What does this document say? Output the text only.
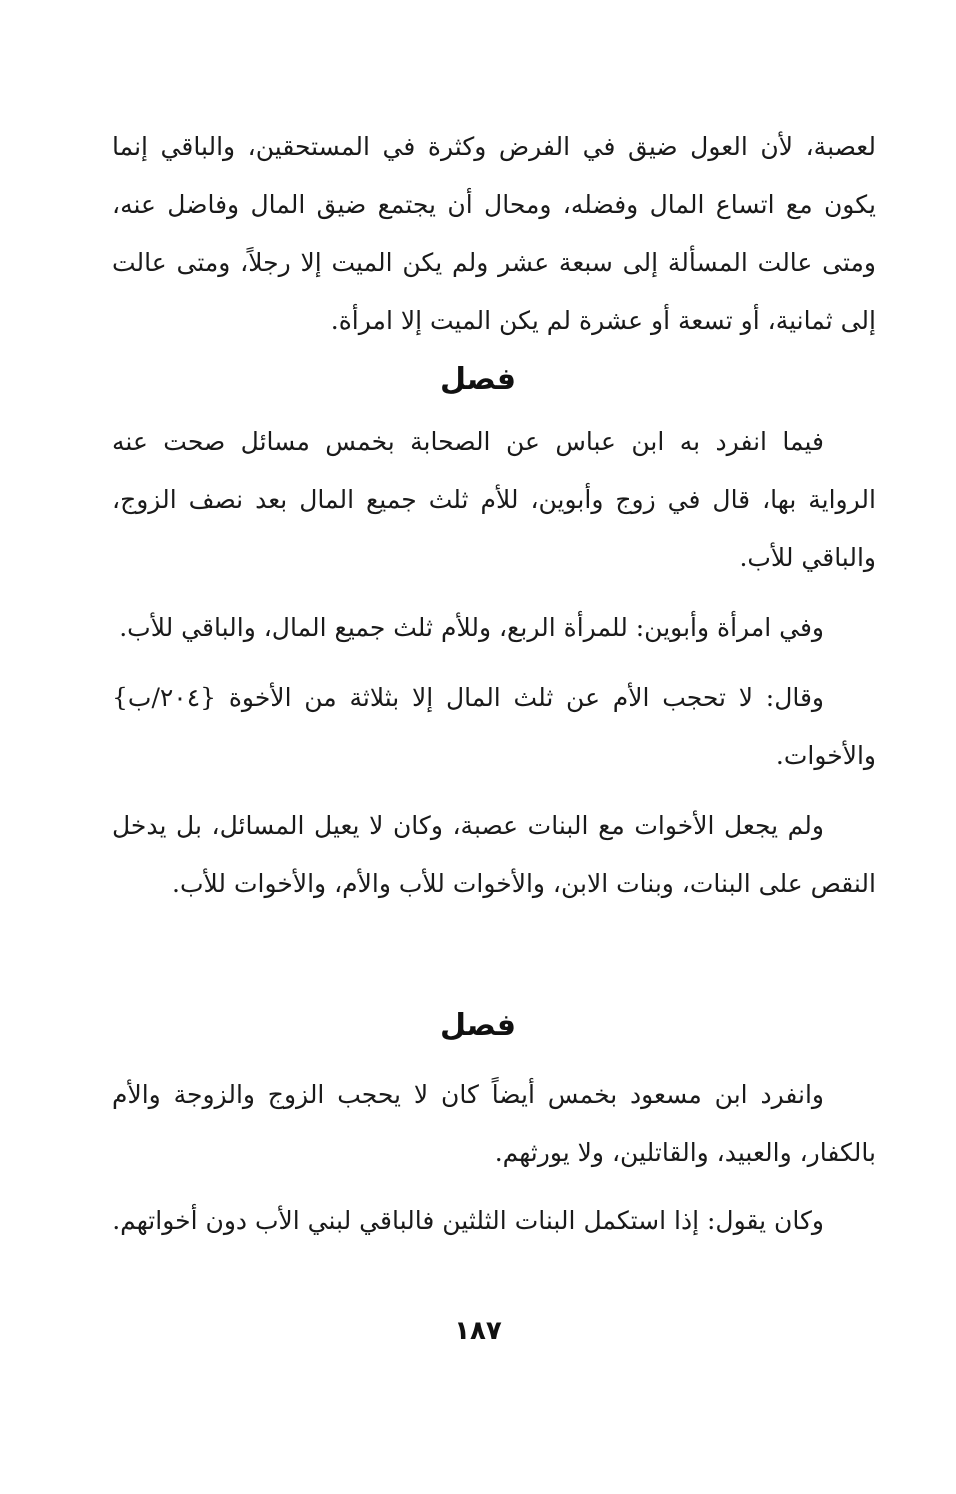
لعصبة، لأن العول ضيق في الفرض وكثرة في المستحقين، والباقي إنما يكون مع اتساع المال وفضله، ومحال أن يجتمع ضيق المال وفاضل عنه، ومتى عالت المسألة إلى سبعة عشر ولم يكن الميت إلا رجلاً، ومتى عالت إلى ثمانية، أو تسعة أو عشرة لم يكن الميت إلا امرأة.

فصل

فيما انفرد به ابن عباس عن الصحابة بخمس مسائل صحت عنه الرواية بها، قال في زوج وأبوين، للأم ثلث جميع المال بعد نصف الزوج، والباقي للأب.

وفي امرأة وأبوين: للمرأة الربع، وللأم ثلث جميع المال، والباقي للأب.

وقال: لا تحجب الأم عن ثلث المال إلا بثلاثة من الأخوة {٢٠٤/ب} والأخوات.

ولم يجعل الأخوات مع البنات عصبة، وكان لا يعيل المسائل، بل يدخل النقص على البنات، وبنات الابن، والأخوات للأب والأم، والأخوات للأب.

فصل

وانفرد ابن مسعود بخمس أيضاً كان لا يحجب الزوج والزوجة والأم بالكفار، والعبيد، والقاتلين، ولا يورثهم.

وكان يقول: إذا استكمل البنات الثلثين فالباقي لبني الأب دون أخواتهم.

١٨٧
